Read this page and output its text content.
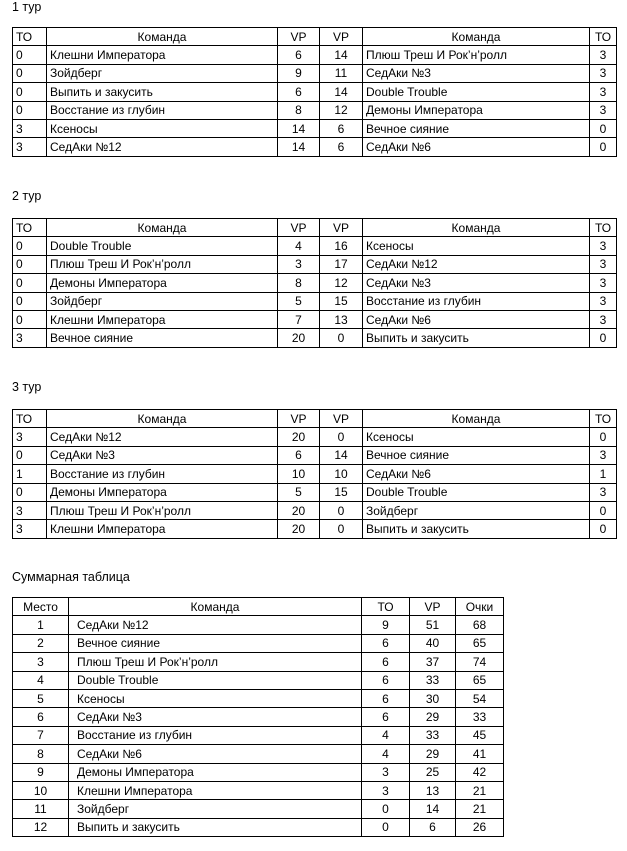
1 тур
ТО	Команда	VP	VP	Команда	ТО
0	Клешни Императора	6	14	Плюш Треш И Рок’н’ролл	3
0	Зойдберг	9	11	СедАки №3	3
0	Выпить и закусить	6	14	Double Trouble	3
0	Восстание из глубин	8	12	Демоны Императора	3
3	Ксеносы	14	6	Вечное сияние	0
3	СедАки №12	14	6	СедАки №6	0
2 тур
ТО	Команда	VP	VP	Команда	ТО
0	Double Trouble	4	16	Ксеносы	3
0	Плюш Треш И Рок’н’ролл	3	17	СедАки №12	3
0	Демоны Императора	8	12	СедАки №3	3
0	Зойдберг	5	15	Восстание из глубин	3
0	Клешни Императора	7	13	СедАки №6	3
3	Вечное сияние	20	0	Выпить и закусить	0
3 тур
ТО	Команда	VP	VP	Команда	ТО
3	СедАки №12	20	0	Ксеносы	0
0	СедАки №3	6	14	Вечное сияние	3
1	Восстание из глубин	10	10	СедАки №6	1
0	Демоны Императора	5	15	Double Trouble	3
3	Плюш Треш И Рок’н’ролл	20	0	Зойдберг	0
3	Клешни Императора	20	0	Выпить и закусить	0
Суммарная таблица
Место	Команда	ТО	VP	Очки
1	СедАки №12	9	51	68
2	Вечное сияние	6	40	65
3	Плюш Треш И Рок’н’ролл	6	37	74
4	Double Trouble	6	33	65
5	Ксеносы	6	30	54
6	СедАки №3	6	29	33
7	Восстание из глубин	4	33	45
8	СедАки №6	4	29	41
9	Демоны Императора	3	25	42
10	Клешни Императора	3	13	21
11	Зойдберг	0	14	21
12	Выпить и закусить	0	6	26
